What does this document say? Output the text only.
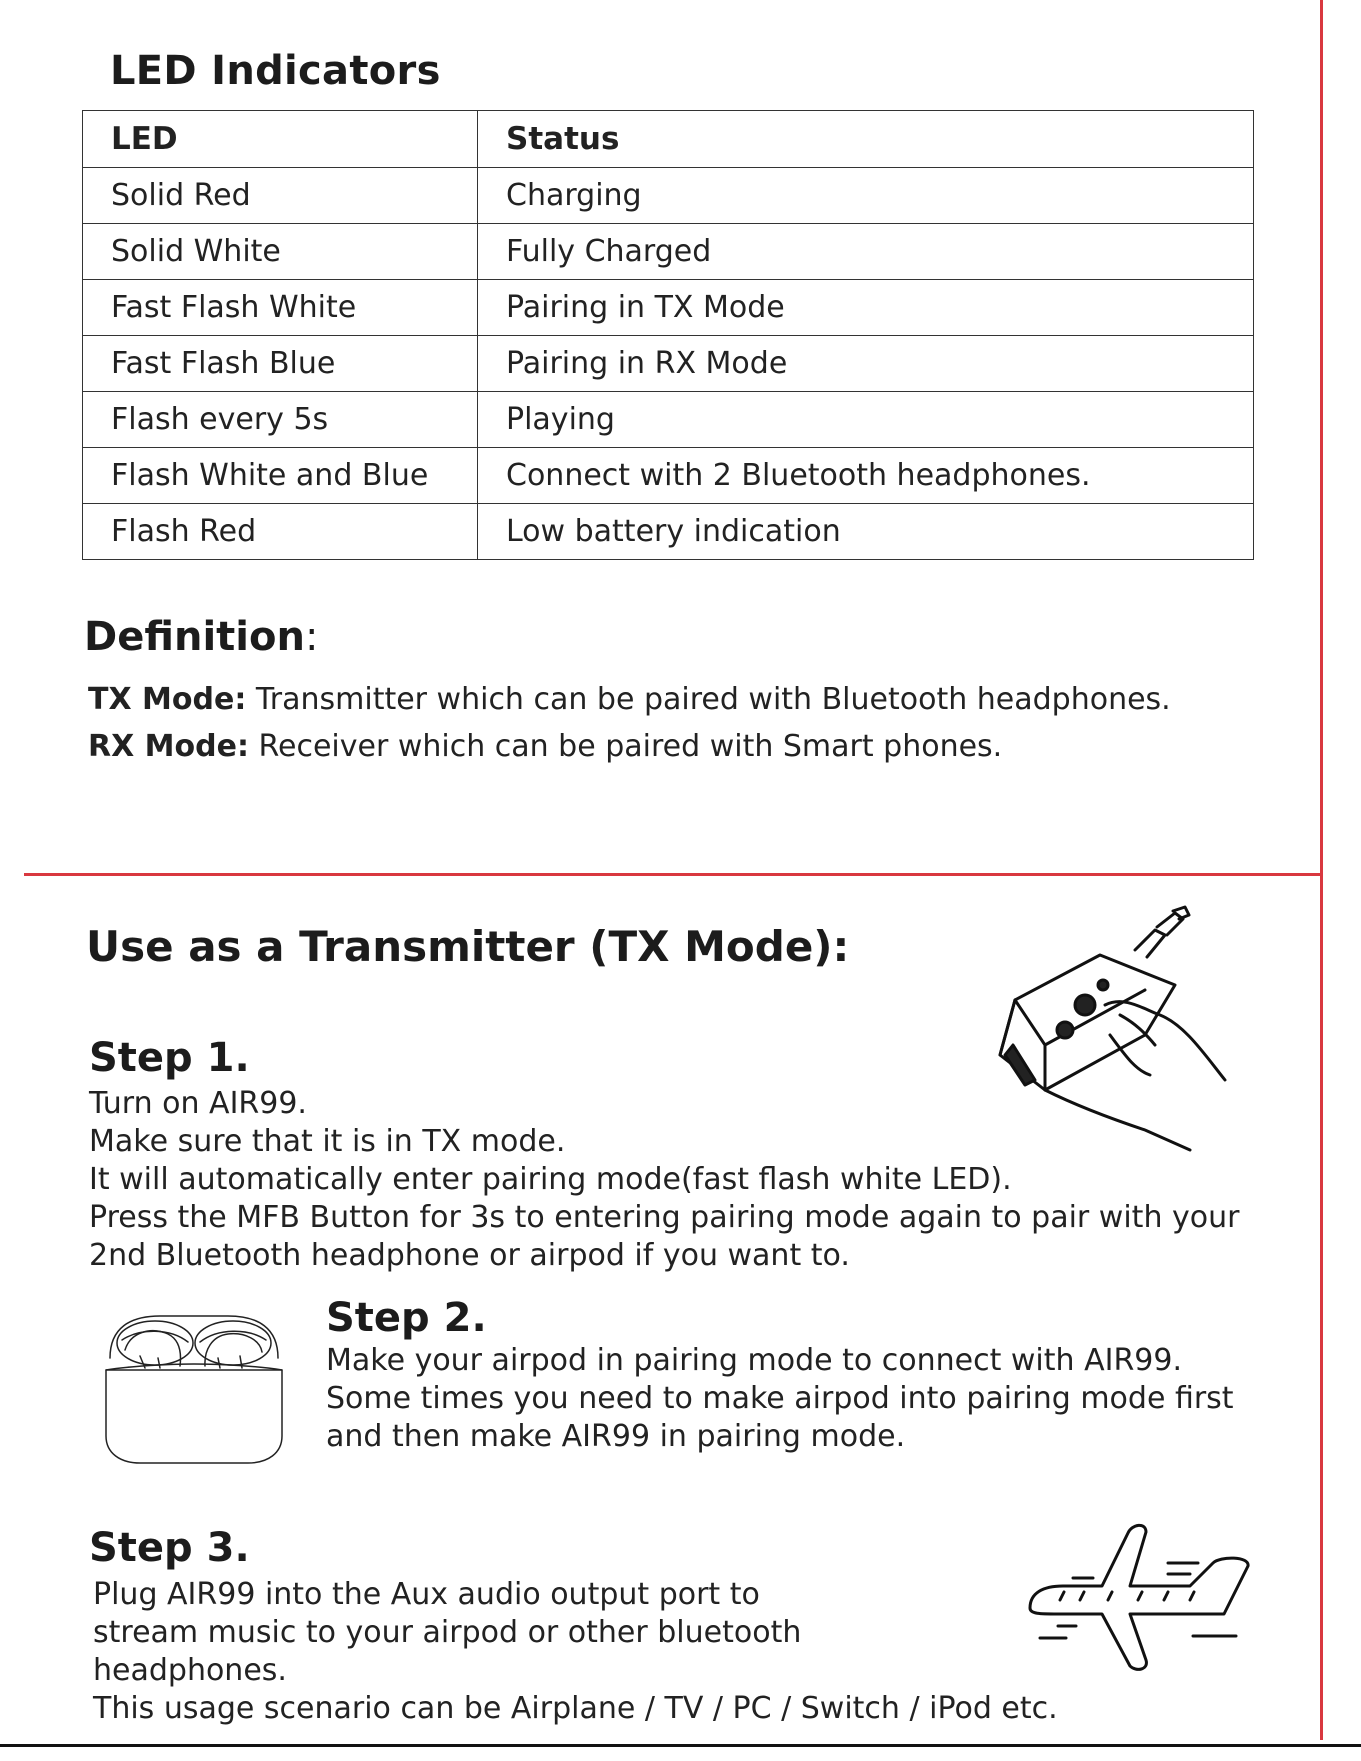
LED Indicators
LED	Status
Solid Red	Charging
Solid White	Fully Charged
Fast Flash White	Pairing in TX Mode
Fast Flash Blue	Pairing in RX Mode
Flash every 5s	Playing
Flash White and Blue	Connect with 2 Bluetooth headphones.
Flash Red	Low battery indication
Definition:
TX Mode: Transmitter which can be paired with Bluetooth headphones.
RX Mode: Receiver which can be paired with Smart phones.
Use as a Transmitter (TX Mode):
Step 1.
Turn on AIR99.
Make sure that it is in TX mode.
It will automatically enter pairing mode(fast flash white LED).
Press the MFB Button for 3s to entering pairing mode again to pair with your
2nd Bluetooth headphone or airpod if you want to.
Step 2.
Make your airpod in pairing mode to connect with AIR99.
Some times you need to make airpod into pairing mode first
and then make AIR99 in pairing mode.
Step 3.
Plug AIR99 into the Aux audio output port to
stream music to your airpod or other bluetooth
headphones.
This usage scenario can be Airplane / TV / PC / Switch / iPod etc.
